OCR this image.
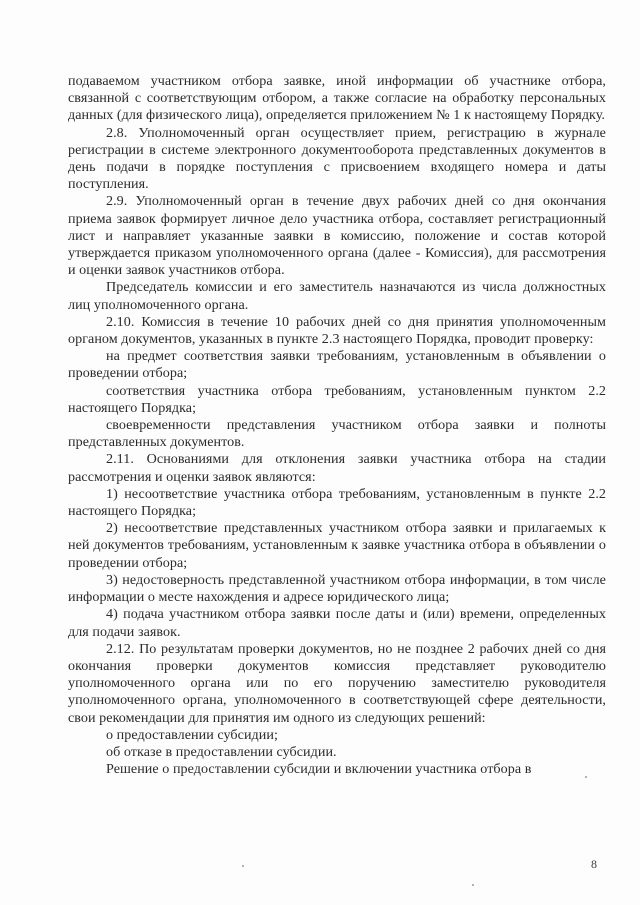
подаваемом участником отбора заявке, иной информации об участнике отбора, связанной с соответствующим отбором, а также согласие на обработку персональных данных (для физического лица), определяется приложением № 1 к настоящему Порядку.

2.8. Уполномоченный орган осуществляет прием, регистрацию в журнале регистрации в системе электронного документооборота представленных документов в день подачи в порядке поступления с присвоением входящего номера и даты поступления.

2.9. Уполномоченный орган в течение двух рабочих дней со дня окончания приема заявок формирует личное дело участника отбора, составляет регистрационный лист и направляет указанные заявки в комиссию, положение и состав которой утверждается приказом уполномоченного органа (далее - Комиссия), для рассмотрения и оценки заявок участников отбора.

Председатель комиссии и его заместитель назначаются из числа должностных лиц уполномоченного органа.

2.10. Комиссия в течение 10 рабочих дней со дня принятия уполномоченным органом документов, указанных в пункте 2.3 настоящего Порядка, проводит проверку:

на предмет соответствия заявки требованиям, установленным в объявлении о проведении отбора;

соответствия участника отбора требованиям, установленным пунктом 2.2 настоящего Порядка;

своевременности представления участником отбора заявки и полноты представленных документов.

2.11. Основаниями для отклонения заявки участника отбора на стадии рассмотрения и оценки заявок являются:

1) несоответствие участника отбора требованиям, установленным в пункте 2.2 настоящего Порядка;

2) несоответствие представленных участником отбора заявки и прилагаемых к ней документов требованиям, установленным к заявке участника отбора в объявлении о проведении отбора;

3) недостоверность представленной участником отбора информации, в том числе информации о месте нахождения и адресе юридического лица;

4) подача участником отбора заявки после даты и (или) времени, определенных для подачи заявок.

2.12. По результатам проверки документов, но не позднее 2 рабочих дней со дня окончания проверки документов комиссия представляет руководителю уполномоченного органа или по его поручению заместителю руководителя уполномоченного органа, уполномоченного в соответствующей сфере деятельности, свои рекомендации для принятия им одного из следующих решений:

о предоставлении субсидии;

об отказе в предоставлении субсидии.

Решение о предоставлении субсидии и включении участника отбора в

8
